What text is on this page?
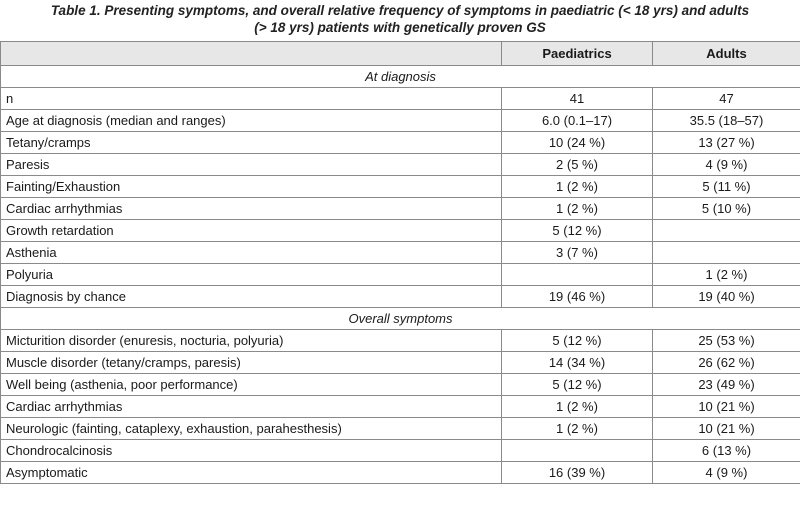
Table 1. Presenting symptoms, and overall relative frequency of symptoms in paediatric (< 18 yrs) and adults
(> 18 yrs) patients with genetically proven GS
	Paediatrics	Adults
At diagnosis		
n	41	47
Age at diagnosis (median and ranges)	6.0 (0.1–17)	35.5 (18–57)
Tetany/cramps	10 (24 %)	13 (27 %)
Paresis	2 (5 %)	4 (9 %)
Fainting/Exhaustion	1 (2 %)	5 (11 %)
Cardiac arrhythmias	1 (2 %)	5 (10 %)
Growth retardation	5 (12 %)	
Asthenia	3 (7 %)	
Polyuria		1 (2 %)
Diagnosis by chance	19 (46 %)	19 (40 %)
Overall symptoms		
Micturition disorder (enuresis, nocturia, polyuria)	5 (12 %)	25 (53 %)
Muscle disorder (tetany/cramps, paresis)	14 (34 %)	26 (62 %)
Well being (asthenia, poor performance)	5 (12 %)	23 (49 %)
Cardiac arrhythmias	1 (2 %)	10 (21 %)
Neurologic (fainting, cataplexy, exhaustion, parahesthesis)	1 (2 %)	10 (21 %)
Chondrocalcinosis		6 (13 %)
Asymptomatic	16 (39 %)	4 (9 %)
